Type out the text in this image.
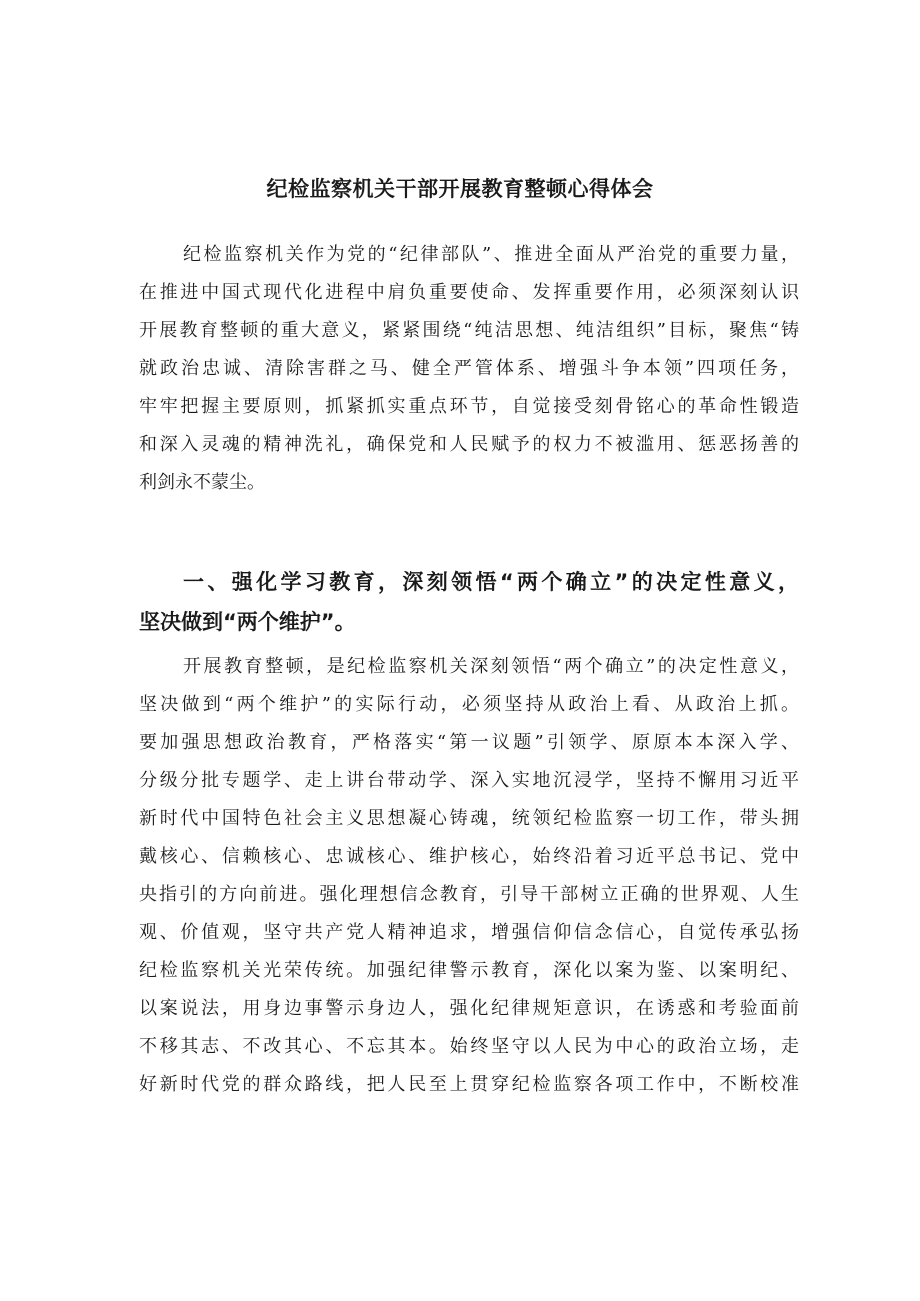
纪检监察机关干部开展教育整顿心得体会
纪检监察机关作为党的“纪律部队”、推进全面从严治党的重要力量，
在推进中国式现代化进程中肩负重要使命、发挥重要作用，必须深刻认识
开展教育整顿的重大意义，紧紧围绕“纯洁思想、纯洁组织”目标，聚焦“铸
就政治忠诚、清除害群之马、健全严管体系、增强斗争本领”四项任务，
牢牢把握主要原则，抓紧抓实重点环节，自觉接受刻骨铭心的革命性锻造
和深入灵魂的精神洗礼，确保党和人民赋予的权力不被滥用、惩恶扬善的
利剑永不蒙尘。
一、强化学习教育，深刻领悟“两个确立”的决定性意义，
坚决做到“两个维护”。
开展教育整顿，是纪检监察机关深刻领悟“两个确立”的决定性意义，
坚决做到“两个维护”的实际行动，必须坚持从政治上看、从政治上抓。
要加强思想政治教育，严格落实“第一议题”引领学、原原本本深入学、
分级分批专题学、走上讲台带动学、深入实地沉浸学，坚持不懈用习近平
新时代中国特色社会主义思想凝心铸魂，统领纪检监察一切工作，带头拥
戴核心、信赖核心、忠诚核心、维护核心，始终沿着习近平总书记、党中
央指引的方向前进。强化理想信念教育，引导干部树立正确的世界观、人生
观、价值观，坚守共产党人精神追求，增强信仰信念信心，自觉传承弘扬
纪检监察机关光荣传统。加强纪律警示教育，深化以案为鉴、以案明纪、
以案说法，用身边事警示身边人，强化纪律规矩意识，在诱惑和考验面前
不移其志、不改其心、不忘其本。始终坚守以人民为中心的政治立场，走
好新时代党的群众路线，把人民至上贯穿纪检监察各项工作中，不断校准
